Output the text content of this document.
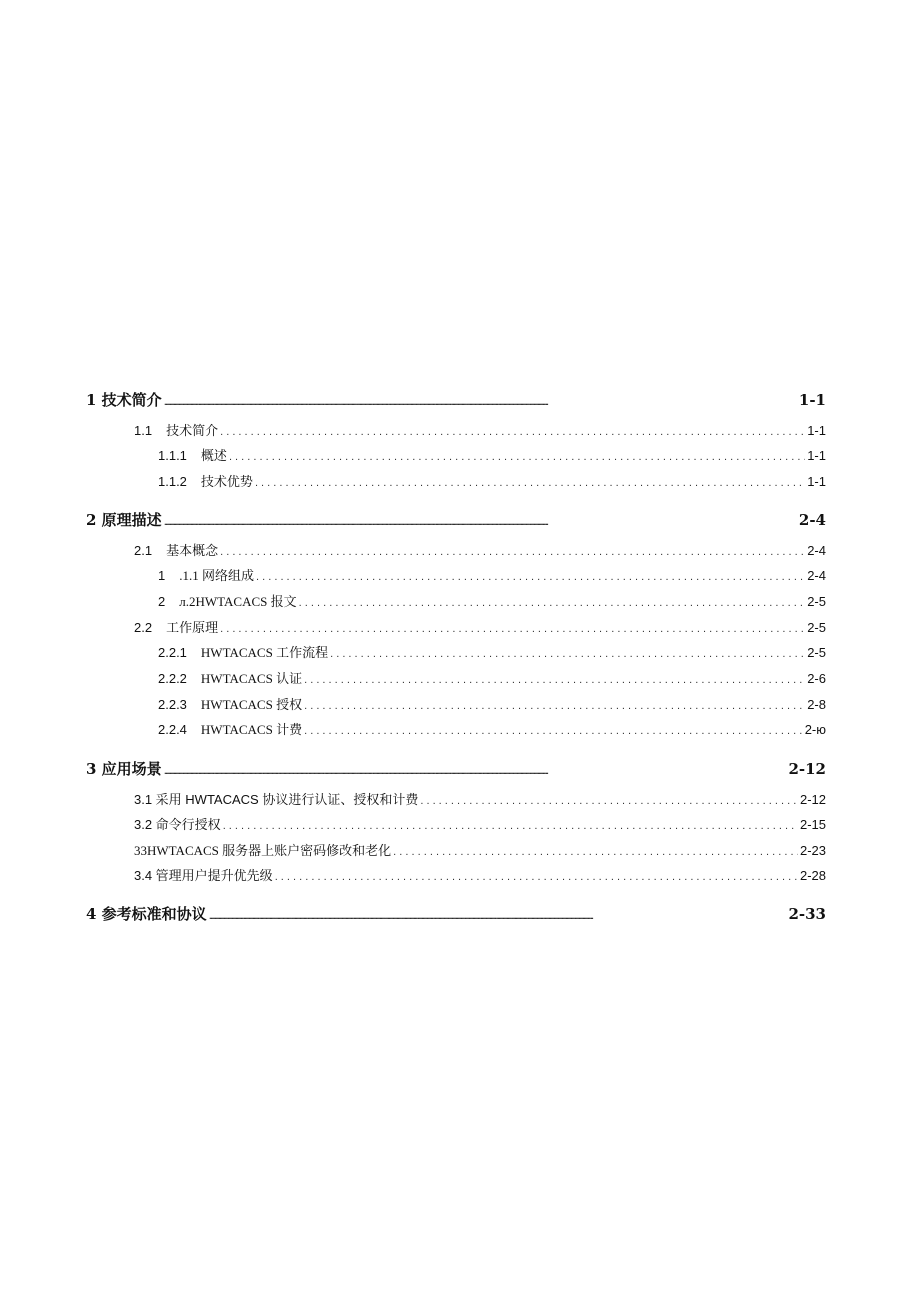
1 技术简介 .....	1-1
1.1 技术简介 . . .	1-1
1.1.1 概述 . . .	1-1
1.1.2 技术优势 . . .	1-1
2 原理描述 .....	2-4
2.1 基本概念 . . .	2-4
1 .1.1 网络组成 . . .	2-4
2 л.2HWTACACS 报文 . . .	2-5
2.2 工作原理 . . .	2-5
2.2.1 HWTACACS 工作流程 . . .	2-5
2.2.2 HWTACACS 认证 . . .	2-6
2.2.3 HWTACACS 授权 . . .	2-8
2.2.4 HWTACACS 计费 . . .	2-ю
3 应用场景 .....	2-12
3.1 采用 HWTACACS 协议进行认证、授权和计费 . . .	2-12
3.2 命令行授权 . . .	2-15
33HWTACACS 服务器上账户密码修改和老化 . . .	2-23
3.4 管理用户提升优先级 . . .	2-28
4 参考标准和协议 .....	2-33
